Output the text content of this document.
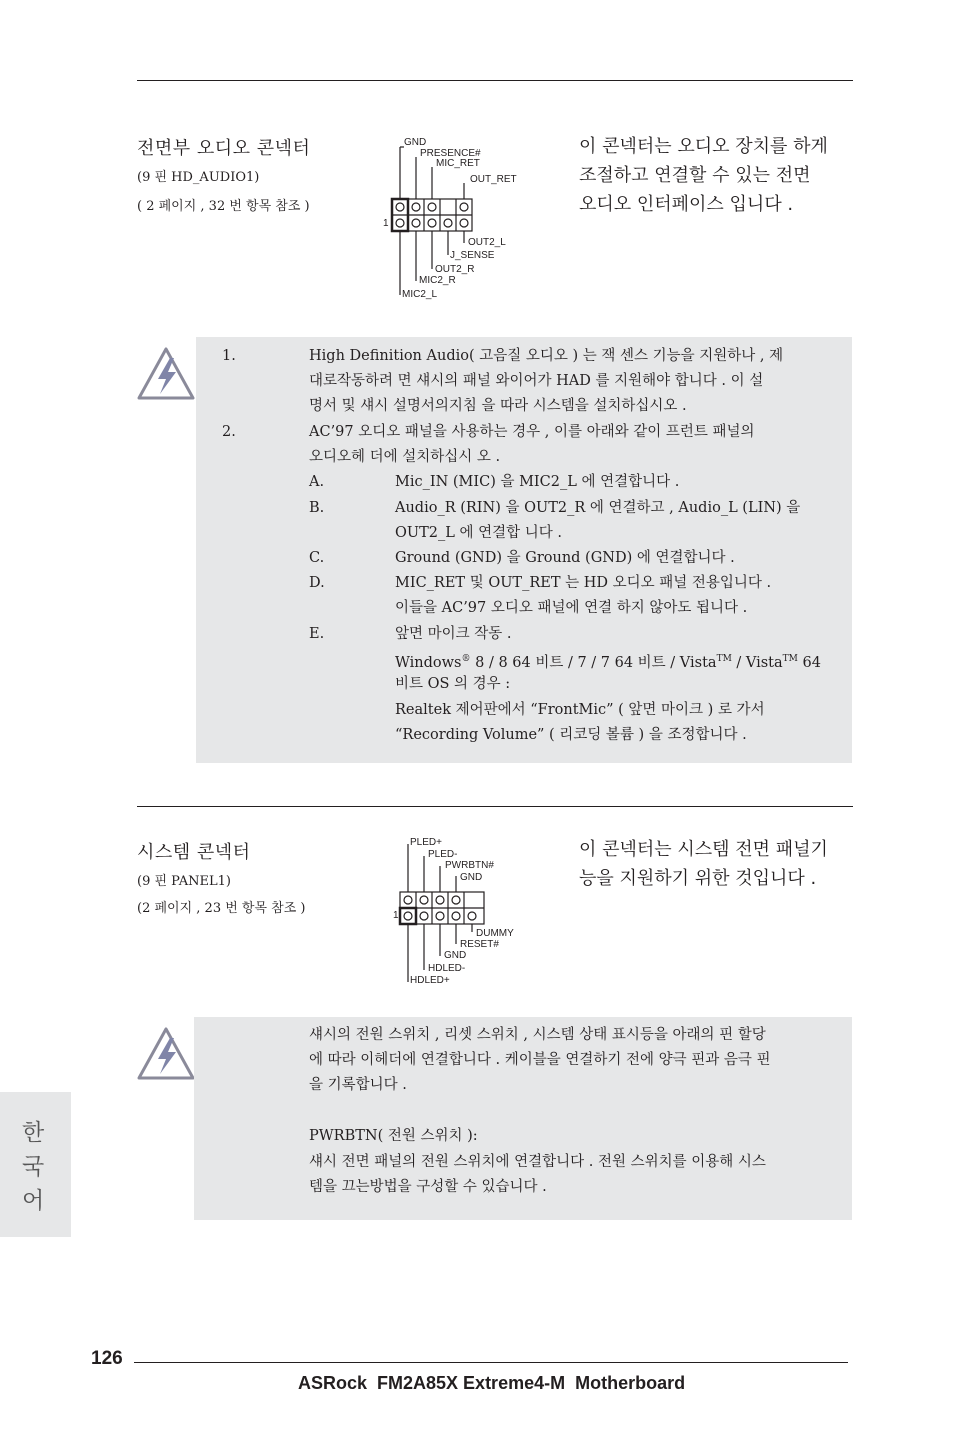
전면부 오디오 콘넥터
(9 핀 HD_AUDIO1)
( 2 페이지 , 32 번 항목 참조 )
이 콘넥터는 오디오 장치를 하게
조절하고 연결할 수 있는 전면
오디오 인터페이스 입니다 .
GND
PRESENCE#
MIC_RET
OUT_RET
1
OUT2_L
J_SENSE
OUT2_R
MIC2_R
MIC2_L
1.	High Definition Audio( 고음질 오디오 ) 는 잭 센스 기능을 지원하나 , 제
대로작동하려 면 섀시의 패널 와이어가 HAD 를 지원해야 합니다 . 이 설
명서 및 섀시 설명서의지침 을 따라 시스템을 설치하십시오 .
2.	AC’97 오디오 패널을 사용하는 경우 , 이를 아래와 같이 프런트 패널의
오디오헤 더에 설치하십시 오 .
A.	Mic_IN (MIC) 을 MIC2_L 에 연결합니다 .
B.	Audio_R (RIN) 을 OUT2_R 에 연결하고 , Audio_L (LIN) 을
OUT2_L 에 연결합 니다 .
C.	Ground (GND) 을 Ground (GND) 에 연결합니다 .
D.	MIC_RET 및 OUT_RET 는 HD 오디오 패널 전용입니다 .
이들을 AC’97 오디오 패널에 연결 하지 않아도 됩니다 .
E.	앞면 마이크 작동 .
Windows® 8 / 8 64 비트 / 7 / 7 64 비트 / Vista™ / Vista™ 64
비트 OS 의 경우 :
Realtek 제어판에서 “FrontMic” ( 앞면 마이크 ) 로 가서
“Recording Volume” ( 리코딩 볼륨 ) 을 조정합니다 .
시스템 콘넥터
(9 핀 PANEL1)
(2 페이지 , 23 번 항목 참조 )
이 콘넥터는 시스템 전면 패널기
능을 지원하기 위한 것입니다 .
PLED+
PLED-
PWRBTN#
GND
1
DUMMY
RESET#
GND
HDLED-
HDLED+
섀시의 전원 스위치 , 리셋 스위치 , 시스템 상태 표시등을 아래의 핀 할당
에 따라 이헤더에 연결합니다 . 케이블을 연결하기 전에 양극 핀과 음극 핀
을 기록합니다 .
PWRBTN( 전원 스위치 ):
섀시 전면 패널의 전원 스위치에 연결합니다 . 전원 스위치를 이용해 시스
템을 끄는방법을 구성할 수 있습니다 .
한
국
어
126
ASRock  FM2A85X Extreme4-M  Motherboard
